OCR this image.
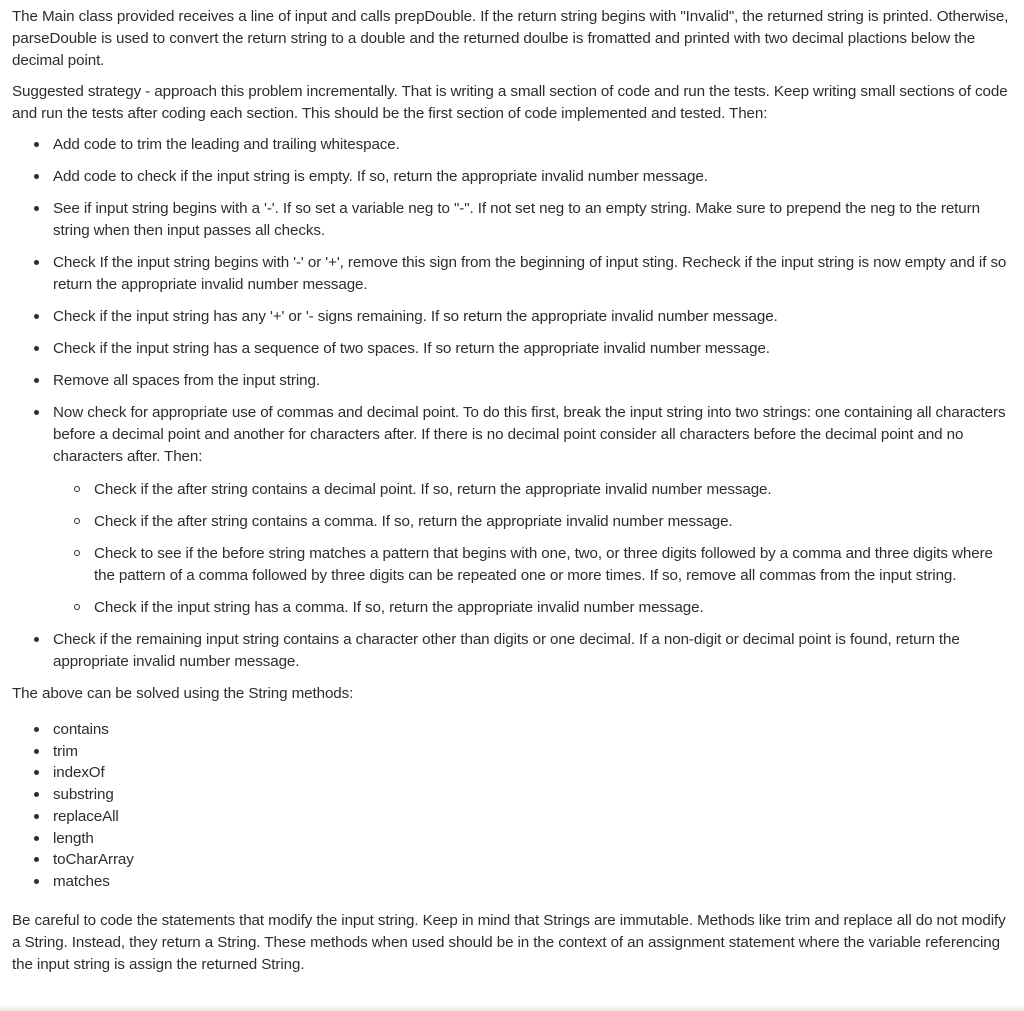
The Main class provided receives a line of input and calls prepDouble. If the return string begins with "Invalid", the returned string is printed. Otherwise, parseDouble is used to convert the return string to a double and the returned doulbe is fromatted and printed with two decimal plactions below the decimal point.

Suggested strategy - approach this problem incrementally. That is writing a small section of code and run the tests. Keep writing small sections of code and run the tests after coding each section. This should be the first section of code implemented and tested. Then:

Add code to trim the leading and trailing whitespace.
Add code to check if the input string is empty. If so, return the appropriate invalid number message.
See if input string begins with a '-'. If so set a variable neg to "-". If not set neg to an empty string. Make sure to prepend the neg to the return string when then input passes all checks.
Check If the input string begins with '-' or '+', remove this sign from the beginning of input sting. Recheck if the input string is now empty and if so return the appropriate invalid number message.
Check if the input string has any '+' or '- signs remaining. If so return the appropriate invalid number message.
Check if the input string has a sequence of two spaces. If so return the appropriate invalid number message.
Remove all spaces from the input string.
Now check for appropriate use of commas and decimal point. To do this first, break the input string into two strings: one containing all characters before a decimal point and another for characters after. If there is no decimal point consider all characters before the decimal point and no characters after. Then:
Check if the after string contains a decimal point. If so, return the appropriate invalid number message.
Check if the after string contains a comma. If so, return the appropriate invalid number message.
Check to see if the before string matches a pattern that begins with one, two, or three digits followed by a comma and three digits where the pattern of a comma followed by three digits can be repeated one or more times. If so, remove all commas from the input string.
Check if the input string has a comma. If so, return the appropriate invalid number message.
Check if the remaining input string contains a character other than digits or one decimal. If a non-digit or decimal point is found, return the appropriate invalid number message.

The above can be solved using the String methods:

contains
trim
indexOf
substring
replaceAll
length
toCharArray
matches

Be careful to code the statements that modify the input string. Keep in mind that Strings are immutable. Methods like trim and replace all do not modify a String. Instead, they return a String. These methods when used should be in the context of an assignment statement where the variable referencing the input string is assign the returned String.
